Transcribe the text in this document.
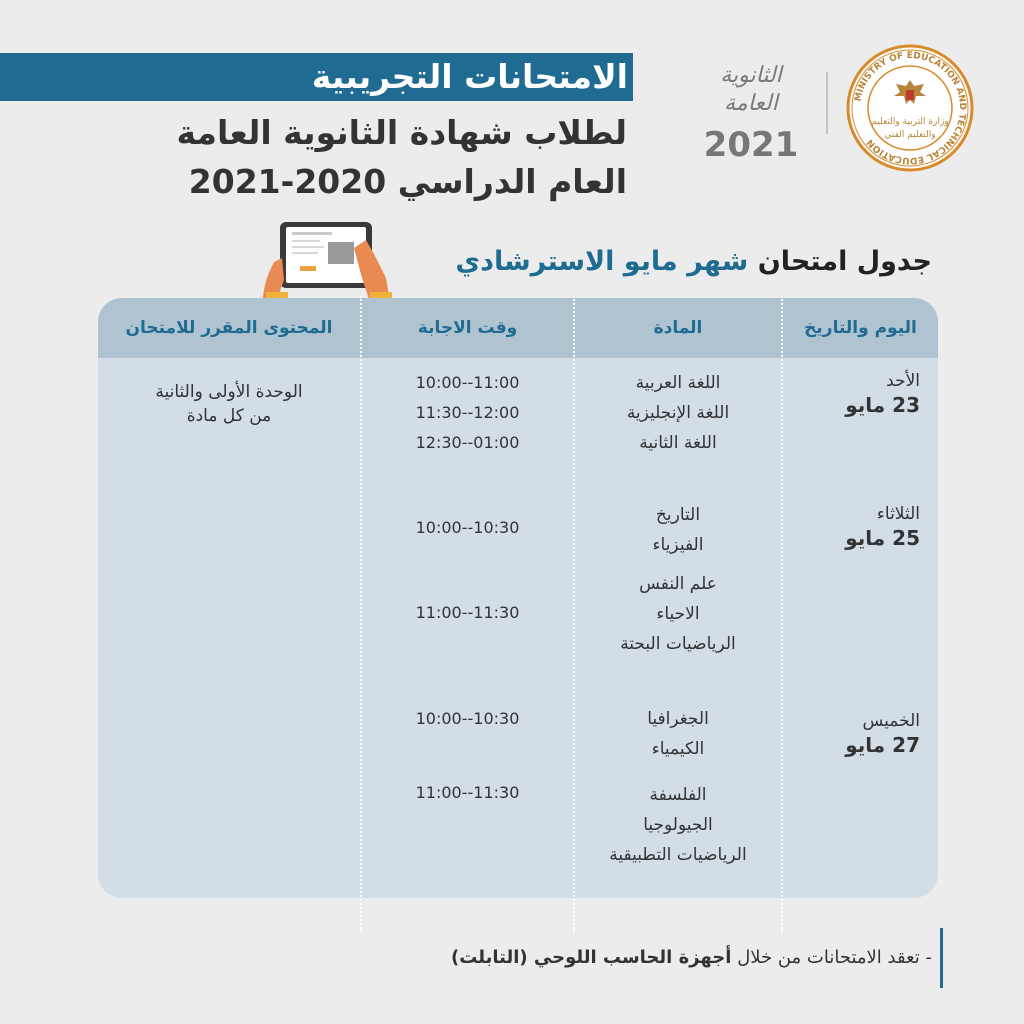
الامتحانات التجريبية
لطلاب شهادة الثانوية العامة
العام الدراسي 2020-2021
الثانوية
العامة
2021
MINISTRY OF EDUCATION AND TECHNICAL EDUCATION
وزارة التربية والتعليم
والتعليم الفني
جدول امتحان شهر مايو الاسترشادي
اليوم والتاريخ
المادة
وقت الاجابة
المحتوى المقرر للامتحان
الوحدة الأولى والثانية
من كل مادة
الأحد
23 مايو
اللغة العربية
اللغة الإنجليزية
اللغة الثانية
10:00--11:00
11:30--12:00
12:30--01:00
الثلاثاء
25 مايو
التاريخ
الفيزياء
10:00--10:30
علم النفس
الاحياء
الرياضيات البحتة
11:00--11:30
الخميس
27 مايو
الجغرافيا
الكيمياء
10:00--10:30
الفلسفة
الجيولوجيا
الرياضيات التطبيقية
11:00--11:30
- تعقد الامتحانات من خلال أجهزة الحاسب اللوحي (التابلت)
